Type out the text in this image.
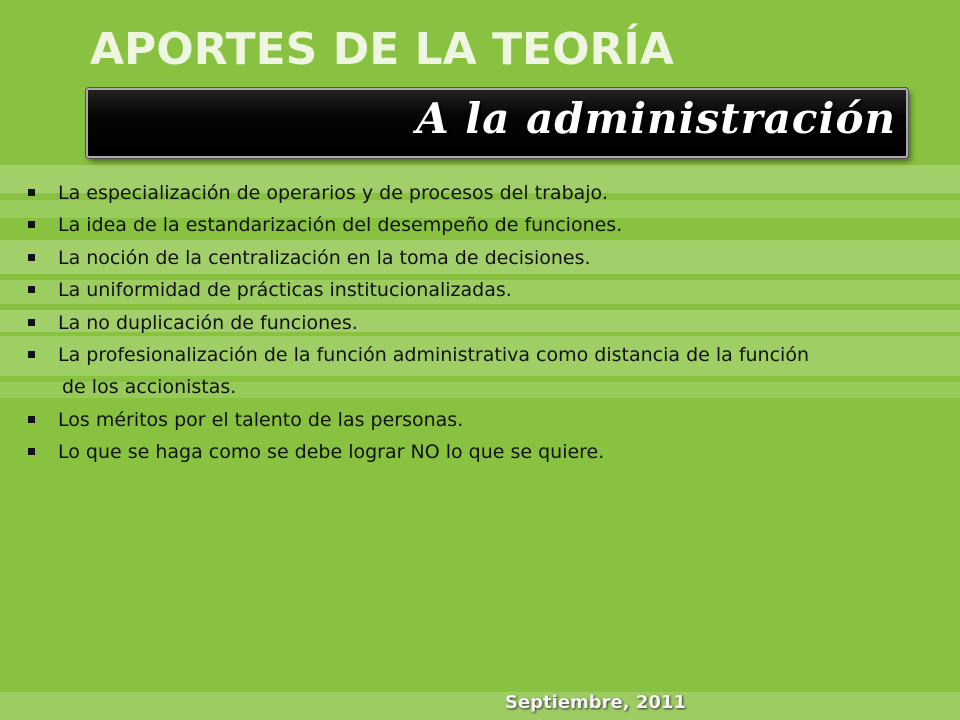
APORTES DE LA TEORÍA
A la administración
La especialización de operarios y de procesos del trabajo.
La idea de la estandarización del desempeño de funciones.
La noción de la centralización en la toma de decisiones.
La uniformidad de prácticas institucionalizadas.
La no duplicación de funciones.
La profesionalización de la función administrativa como distancia de la función
de los accionistas.
Los méritos por el talento de las personas.
Lo que se haga como se debe lograr NO lo que se quiere.
Septiembre, 2011
